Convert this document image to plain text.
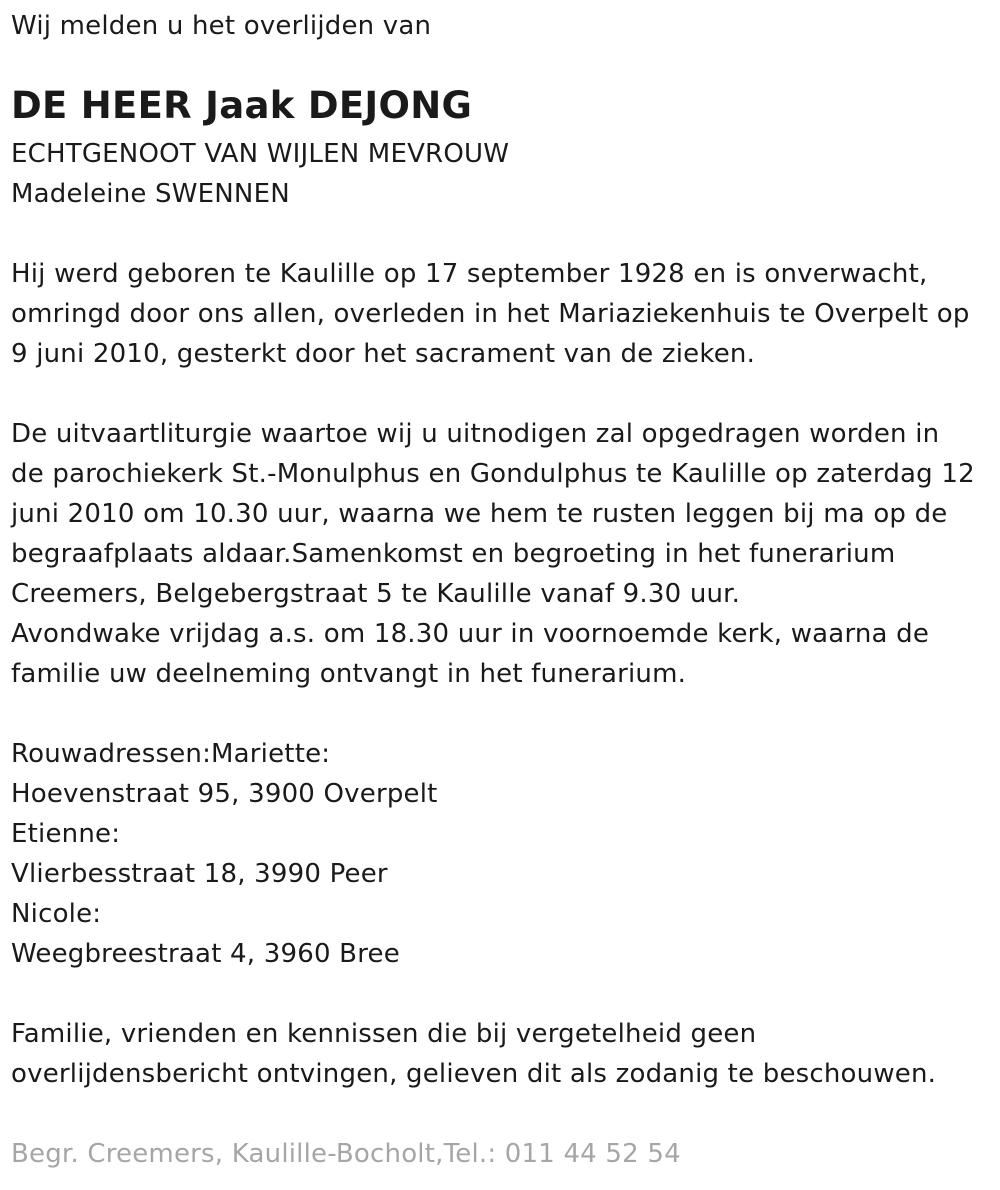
Wij melden u het overlijden van
DE HEER Jaak DEJONG
ECHTGENOOT VAN WIJLEN MEVROUW
Madeleine SWENNEN
Hij werd geboren te Kaulille op 17 september 1928 en is onverwacht,
omringd door ons allen, overleden in het Mariaziekenhuis te Overpelt op
9 juni 2010, gesterkt door het sacrament van de zieken.
De uitvaartliturgie waartoe wij u uitnodigen zal opgedragen worden in
de parochiekerk St.-Monulphus en Gondulphus te Kaulille op zaterdag 12
juni 2010 om 10.30 uur, waarna we hem te rusten leggen bij ma op de
begraafplaats aldaar.Samenkomst en begroeting in het funerarium
Creemers, Belgebergstraat 5 te Kaulille vanaf 9.30 uur.
Avondwake vrijdag a.s. om 18.30 uur in voornoemde kerk, waarna de
familie uw deelneming ontvangt in het funerarium.
Rouwadressen:Mariette:
Hoevenstraat 95, 3900 Overpelt
Etienne:
Vlierbesstraat 18, 3990 Peer
Nicole:
Weegbreestraat 4, 3960 Bree
Familie, vrienden en kennissen die bij vergetelheid geen
overlijdensbericht ontvingen, gelieven dit als zodanig te beschouwen.
Begr. Creemers, Kaulille-Bocholt,Tel.: 011 44 52 54
